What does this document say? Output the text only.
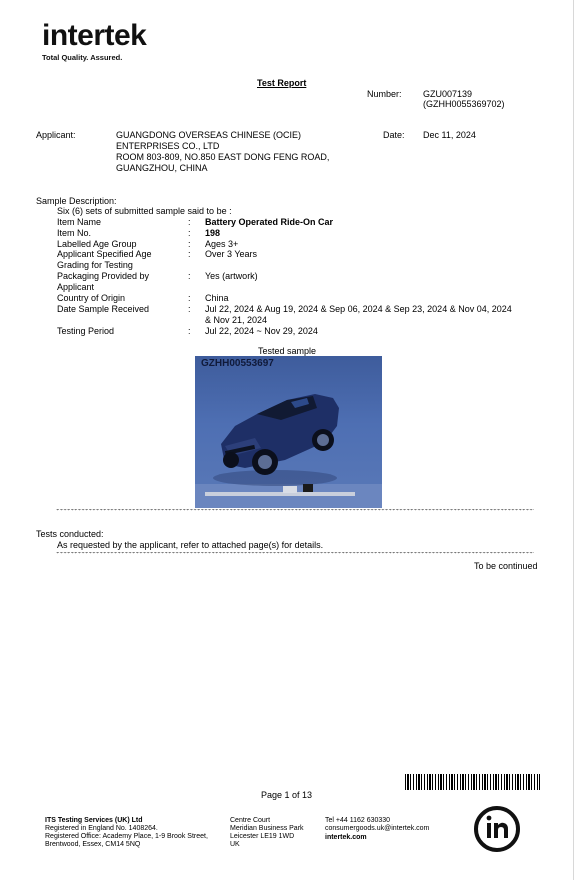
intertek
Total Quality. Assured.
Test Report
Number: GZU007139
(GZHH0055369702)
Applicant:	GUANGDONG OVERSEAS CHINESE (OCIE)
ENTERPRISES CO., LTD
ROOM 803-809, NO.850 EAST DONG FENG ROAD,
GUANGZHOU, CHINA
Date: Dec 11, 2024
Sample Description:
Six (6) sets of submitted sample said to be :
Item Name	: Battery Operated Ride-On Car
Item No.	: 198
Labelled Age Group	: Ages 3+
Applicant Specified Age	: Over 3 Years
Grading for Testing
Packaging Provided by	: Yes (artwork)
Applicant
Country of Origin	: China
Date Sample Received	: Jul 22, 2024 & Aug 19, 2024 & Sep 06, 2024 & Sep 23, 2024 & Nov 04, 2024
& Nov 21, 2024
Testing Period	: Jul 22, 2024 ~ Nov 29, 2024
Tested sample
GZHH00553697
*****
Tests conducted:
As requested by the applicant, refer to attached page(s) for details.
*****
To be continued
Page 1 of 13
ITS Testing Services (UK) Ltd
Registered in England No. 1408264.
Registered Office: Academy Place, 1-9 Brook Street,
Brentwood, Essex, CM14 5NQ
Centre Court
Meridian Business Park
Leicester LE19 1WD
UK
Tel +44 1162 630330
consumergoods.uk@intertek.com
intertek.com
